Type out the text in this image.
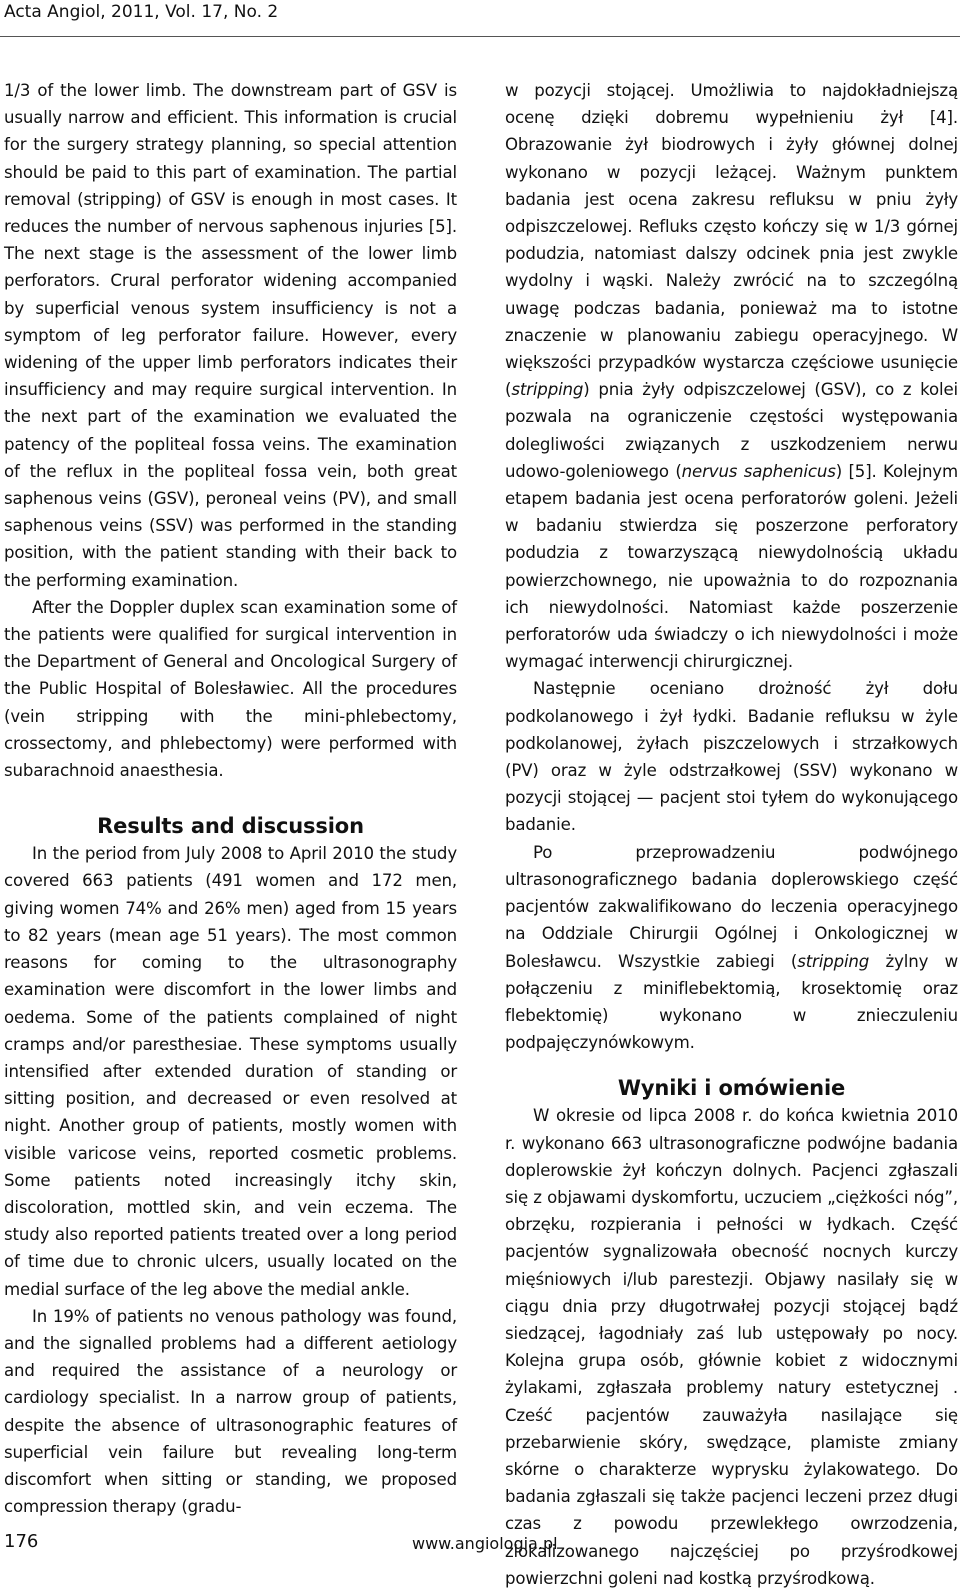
Acta Angiol, 2011, Vol. 17, No. 2

1/3 of the lower limb. The downstream part of GSV is usually narrow and efficient. This information is crucial for the surgery strategy planning, so special attention should be paid to this part of examination. The partial removal (stripping) of GSV is enough in most cases. It reduces the number of nervous saphenous injuries [5]. The next stage is the assessment of the lower limb perforators. Crural perforator widening accompanied by superficial venous system insufficiency is not a symptom of leg perforator failure. However, every widening of the upper limb perforators indicates their insufficiency and may require surgical intervention. In the next part of the examination we evaluated the patency of the popliteal fossa veins. The examination of the reflux in the popliteal fossa vein, both great saphenous veins (GSV), peroneal veins (PV), and small saphenous veins (SSV) was performed in the standing position, with the patient standing with their back to the performing examination.

After the Doppler duplex scan examination some of the patients were qualified for surgical intervention in the Department of General and Oncological Surgery of the Public Hospital of Bolesławiec. All the procedures (vein stripping with the mini-phlebectomy, crossectomy, and phlebectomy) were performed with subarachnoid anaesthesia.

Results and discussion

In the period from July 2008 to April 2010 the study covered 663 patients (491 women and 172 men, giving women 74% and 26% men) aged from 15 years to 82 years (mean age 51 years). The most common reasons for coming to the ultrasonography examination were discomfort in the lower limbs and oedema. Some of the patients complained of night cramps and/or paresthesiae. These symptoms usually intensified after extended duration of standing or sitting position, and decreased or even resolved at night. Another group of patients, mostly women with visible varicose veins, reported cosmetic problems. Some patients noted increasingly itchy skin, discoloration, mottled skin, and vein eczema. The study also reported patients treated over a long period of time due to chronic ulcers, usually located on the medial surface of the leg above the medial ankle.

In 19% of patients no venous pathology was found, and the signalled problems had a different aetiology and required the assistance of a neurology or cardiology specialist. In a narrow group of patients, despite the absence of ultrasonographic features of superficial vein failure but revealing long-term discomfort when sitting or standing, we proposed compression therapy (gradu-

w pozycji stojącej. Umożliwia to najdokładniejszą ocenę dzięki dobremu wypełnieniu żył [4]. Obrazowanie żył biodrowych i żyły głównej dolnej wykonano w pozycji leżącej. Ważnym punktem badania jest ocena zakresu refluksu w pniu żyły odpiszczelowej. Refluks często kończy się w 1/3 górnej podudzia, natomiast dalszy odcinek pnia jest zwykle wydolny i wąski. Należy zwrócić na to szczególną uwagę podczas badania, ponieważ ma to istotne znaczenie w planowaniu zabiegu operacyjnego. W większości przypadków wystarcza częściowe usunięcie (stripping) pnia żyły odpiszczelowej (GSV), co z kolei pozwala na ograniczenie częstości występowania dolegliwości związanych z uszkodzeniem nerwu udowo-goleniowego (nervus saphenicus) [5]. Kolejnym etapem badania jest ocena perforatorów goleni. Jeżeli w badaniu stwierdza się poszerzone perforatory podudzia z towarzyszącą niewydolnością układu powierzchownego, nie upoważnia to do rozpoznania ich niewydolności. Natomiast każde poszerzenie perforatorów uda świadczy o ich niewydolności i może wymagać interwencji chirurgicznej.

Następnie oceniano drożność żył dołu podkolanowego i żył łydki. Badanie refluksu w żyle podkolanowej, żyłach piszczelowych i strzałkowych (PV) oraz w żyle odstrzałkowej (SSV) wykonano w pozycji stojącej — pacjent stoi tyłem do wykonującego badanie.

Po przeprowadzeniu podwójnego ultrasonograficznego badania doplerowskiego część pacjentów zakwalifikowano do leczenia operacyjnego na Oddziale Chirurgii Ogólnej i Onkologicznej w Bolesławcu. Wszystkie zabiegi (stripping żylny w połączeniu z miniflebektomią, krosektomię oraz flebektomię) wykonano w znieczuleniu podpajęczynówkowym.

Wyniki i omówienie

W okresie od lipca 2008 r. do końca kwietnia 2010 r. wykonano 663 ultrasonograficzne podwójne badania doplerowskie żył kończyn dolnych. Pacjenci zgłaszali się z objawami dyskomfortu, uczuciem „ciężkości nóg”, obrzęku, rozpierania i pełności w łydkach. Część pacjentów sygnalizowała obecność nocnych kurczy mięśniowych i/lub parestezji. Objawy nasilały się w ciągu dnia przy długotrwałej pozycji stojącej bądź siedzącej, łagodniały zaś lub ustępowały po nocy. Kolejna grupa osób, głównie kobiet z widocznymi żylakami, zgłaszała problemy natury estetycznej . Cześć pacjentów zauważyła nasilające się przebarwienie skóry, swędzące, plamiste zmiany skórne o charakterze wyprysku żylakowatego. Do badania zgłaszali się także pacjenci leczeni przez długi czas z powodu przewlekłego owrzodzenia, zlokalizowanego najczęściej po przyśrodkowej powierzchni goleni nad kostką przyśrodkową.

176	www.angiologia.pl
